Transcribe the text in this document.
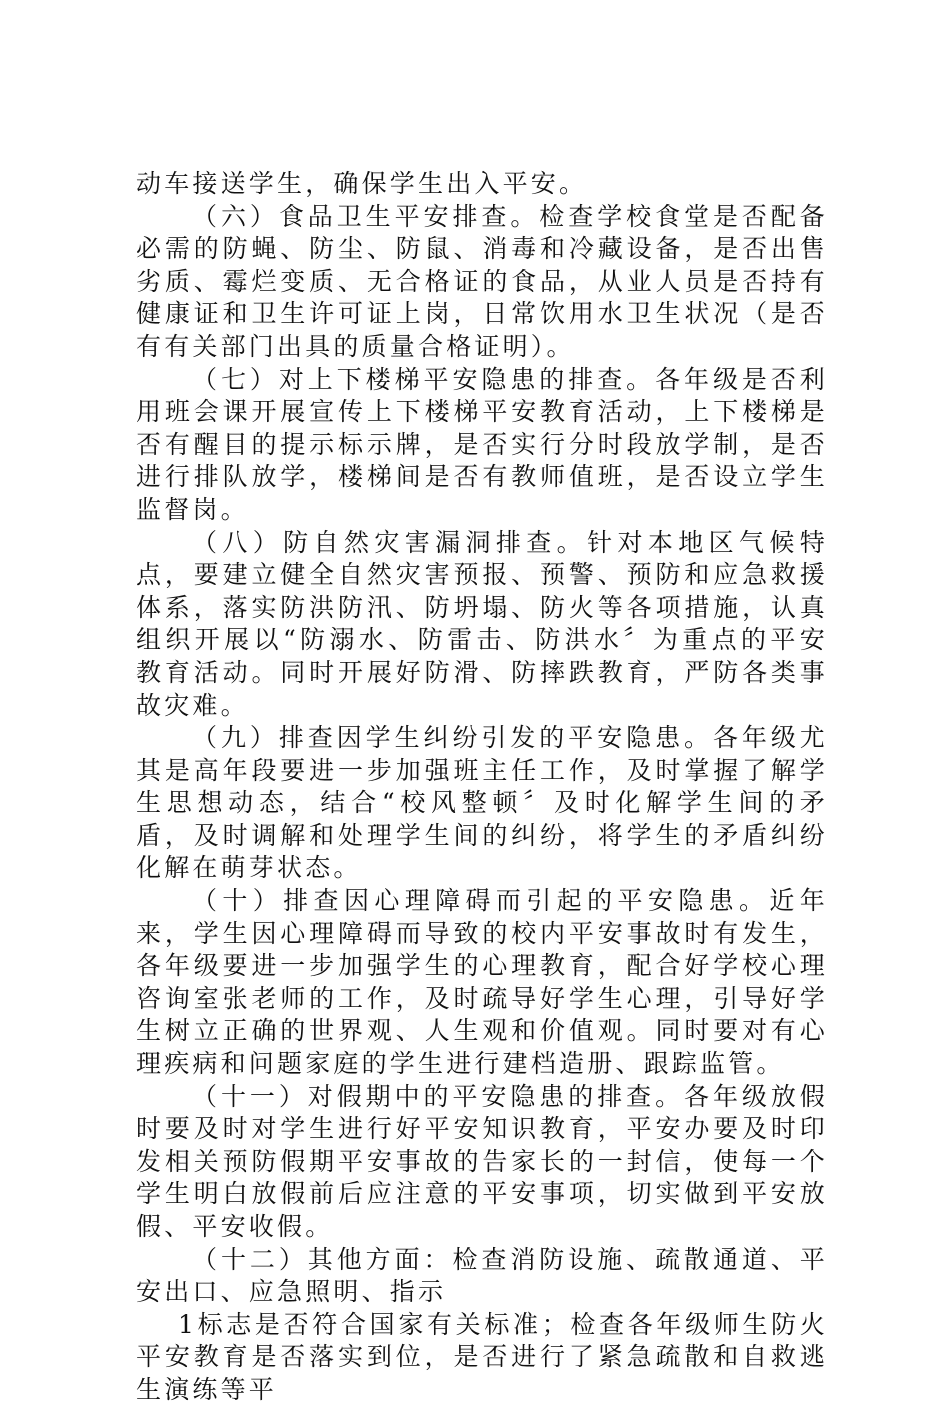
动车接送学生，确保学生出入平安。

（六）食品卫生平安排查。检查学校食堂是否配备必需的防蝇、防尘、防鼠、消毒和冷藏设备，是否出售劣质、霉烂变质、无合格证的食品，从业人员是否持有健康证和卫生许可证上岗，日常饮用水卫生状况（是否有有关部门出具的质量合格证明）。

（七）对上下楼梯平安隐患的排查。各年级是否利用班会课开展宣传上下楼梯平安教育活动，上下楼梯是否有醒目的提示标示牌，是否实行分时段放学制，是否进行排队放学，楼梯间是否有教师值班，是否设立学生监督岗。

（八）防自然灾害漏洞排查。针对本地区气候特点，要建立健全自然灾害预报、预警、预防和应急救援体系，落实防洪防汛、防坍塌、防火等各项措施，认真组织开展以“防溺水、防雷击、防洪水〞为重点的平安教育活动。同时开展好防滑、防摔跌教育，严防各类事故灾难。

（九）排查因学生纠纷引发的平安隐患。各年级尤其是高年段要进一步加强班主任工作，及时掌握了解学生思想动态，结合“校风整顿〞及时化解学生间的矛盾，及时调解和处理学生间的纠纷，将学生的矛盾纠纷化解在萌芽状态。

（十）排查因心理障碍而引起的平安隐患。近年来，学生因心理障碍而导致的校内平安事故时有发生，各年级要进一步加强学生的心理教育，配合好学校心理咨询室张老师的工作，及时疏导好学生心理，引导好学生树立正确的世界观、人生观和价值观。同时要对有心理疾病和问题家庭的学生进行建档造册、跟踪监管。

（十一）对假期中的平安隐患的排查。各年级放假时要及时对学生进行好平安知识教育，平安办要及时印发相关预防假期平安事故的告家长的一封信，使每一个学生明白放假前后应注意的平安事项，切实做到平安放假、平安收假。

（十二）其他方面：检查消防设施、疏散通道、平安出口、应急照明、指示

1标志是否符合国家有关标准；检查各年级师生防火平安教育是否落实到位，是否进行了紧急疏散和自救逃生演练等平
